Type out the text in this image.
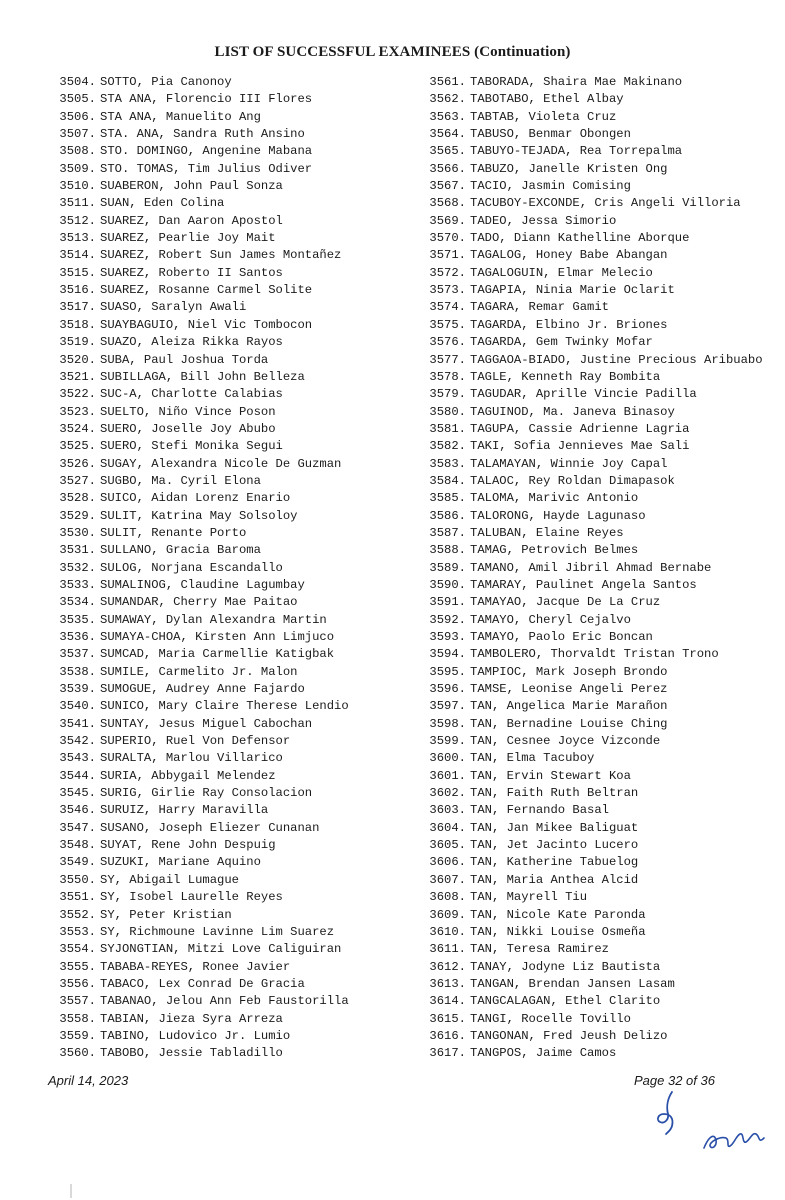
LIST OF SUCCESSFUL EXAMINEES (Continuation)
3504. SOTTO, Pia Canonoy
3505. STA ANA, Florencio III Flores
3506. STA ANA, Manuelito Ang
3507. STA. ANA, Sandra Ruth Ansino
3508. STO. DOMINGO, Angenine Mabana
3509. STO. TOMAS, Tim Julius Odiver
3510. SUABERON, John Paul Sonza
3511. SUAN, Eden Colina
3512. SUAREZ, Dan Aaron Apostol
3513. SUAREZ, Pearlie Joy Mait
3514. SUAREZ, Robert Sun James Montañez
3515. SUAREZ, Roberto II Santos
3516. SUAREZ, Rosanne Carmel Solite
3517. SUASO, Saralyn Awali
3518. SUAYBAGUIO, Niel Vic Tombocon
3519. SUAZO, Aleiza Rikka Rayos
3520. SUBA, Paul Joshua Torda
3521. SUBILLAGA, Bill John Belleza
3522. SUC-A, Charlotte Calabias
3523. SUELTO, Niño Vince Poson
3524. SUERO, Joselle Joy Abubo
3525. SUERO, Stefi Monika Segui
3526. SUGAY, Alexandra Nicole De Guzman
3527. SUGBO, Ma. Cyril Elona
3528. SUICO, Aidan Lorenz Enario
3529. SULIT, Katrina May Solsoloy
3530. SULIT, Renante Porto
3531. SULLANO, Gracia Baroma
3532. SULOG, Norjana Escandallo
3533. SUMALINOG, Claudine Lagumbay
3534. SUMANDAR, Cherry Mae Paitao
3535. SUMAWAY, Dylan Alexandra Martin
3536. SUMAYA-CHOA, Kirsten Ann Limjuco
3537. SUMCAD, Maria Carmellie Katigbak
3538. SUMILE, Carmelito Jr. Malon
3539. SUMOGUE, Audrey Anne Fajardo
3540. SUNICO, Mary Claire Therese Lendio
3541. SUNTAY, Jesus Miguel Cabochan
3542. SUPERIO, Ruel Von Defensor
3543. SURALTA, Marlou Villarico
3544. SURIA, Abbygail Melendez
3545. SURIG, Girlie Ray Consolacion
3546. SURUIZ, Harry Maravilla
3547. SUSANO, Joseph Eliezer Cunanan
3548. SUYAT, Rene John Despuig
3549. SUZUKI, Mariane Aquino
3550. SY, Abigail Lumague
3551. SY, Isobel Laurelle Reyes
3552. SY, Peter Kristian
3553. SY, Richmoune Lavinne Lim Suarez
3554. SYJONGTIAN, Mitzi Love Caliguiran
3555. TABABA-REYES, Ronee Javier
3556. TABACO, Lex Conrad De Gracia
3557. TABANAO, Jelou Ann Feb Faustorilla
3558. TABIAN, Jieza Syra Arreza
3559. TABINO, Ludovico Jr. Lumio
3560. TABOBO, Jessie Tabladillo
3561. TABORADA, Shaira Mae Makinano
3562. TABOTABO, Ethel Albay
3563. TABTAB, Violeta Cruz
3564. TABUSO, Benmar Obongen
3565. TABUYO-TEJADA, Rea Torrepalma
3566. TABUZO, Janelle Kristen Ong
3567. TACIO, Jasmin Comising
3568. TACUBOY-EXCONDE, Cris Angeli Villoria
3569. TADEO, Jessa Simorio
3570. TADO, Diann Kathelline Aborque
3571. TAGALOG, Honey Babe Abangan
3572. TAGALOGUIN, Elmar Melecio
3573. TAGAPIA, Ninia Marie Oclarit
3574. TAGARA, Remar Gamit
3575. TAGARDA, Elbino Jr. Briones
3576. TAGARDA, Gem Twinky Mofar
3577. TAGGAOA-BIADO, Justine Precious Aribuabo
3578. TAGLE, Kenneth Ray Bombita
3579. TAGUDAR, Aprille Vincie Padilla
3580. TAGUINOD, Ma. Janeva Binasoy
3581. TAGUPA, Cassie Adrienne Lagria
3582. TAKI, Sofia Jennieves Mae Sali
3583. TALAMAYAN, Winnie Joy Capal
3584. TALAOC, Rey Roldan Dimapasok
3585. TALOMA, Marivic Antonio
3586. TALORONG, Hayde Lagunaso
3587. TALUBAN, Elaine Reyes
3588. TAMAG, Petrovich Belmes
3589. TAMANO, Amil Jibril Ahmad Bernabe
3590. TAMARAY, Paulinet Angela Santos
3591. TAMAYAO, Jacque De La Cruz
3592. TAMAYO, Cheryl Cejalvo
3593. TAMAYO, Paolo Eric Boncan
3594. TAMBOLERO, Thorvaldt Tristan Trono
3595. TAMPIOC, Mark Joseph Brondo
3596. TAMSE, Leonise Angeli Perez
3597. TAN, Angelica Marie Marañon
3598. TAN, Bernadine Louise Ching
3599. TAN, Cesnee Joyce Vizconde
3600. TAN, Elma Tacuboy
3601. TAN, Ervin Stewart Koa
3602. TAN, Faith Ruth Beltran
3603. TAN, Fernando Basal
3604. TAN, Jan Mikee Baliguat
3605. TAN, Jet Jacinto Lucero
3606. TAN, Katherine Tabuelog
3607. TAN, Maria Anthea Alcid
3608. TAN, Mayrell Tiu
3609. TAN, Nicole Kate Paronda
3610. TAN, Nikki Louise Osmeña
3611. TAN, Teresa Ramirez
3612. TANAY, Jodyne Liz Bautista
3613. TANGAN, Brendan Jansen Lasam
3614. TANGCALAGAN, Ethel Clarito
3615. TANGI, Rocelle Tovillo
3616. TANGONAN, Fred Jeush Delizo
3617. TANGPOS, Jaime Camos
April 14, 2023	Page 32 of 36
